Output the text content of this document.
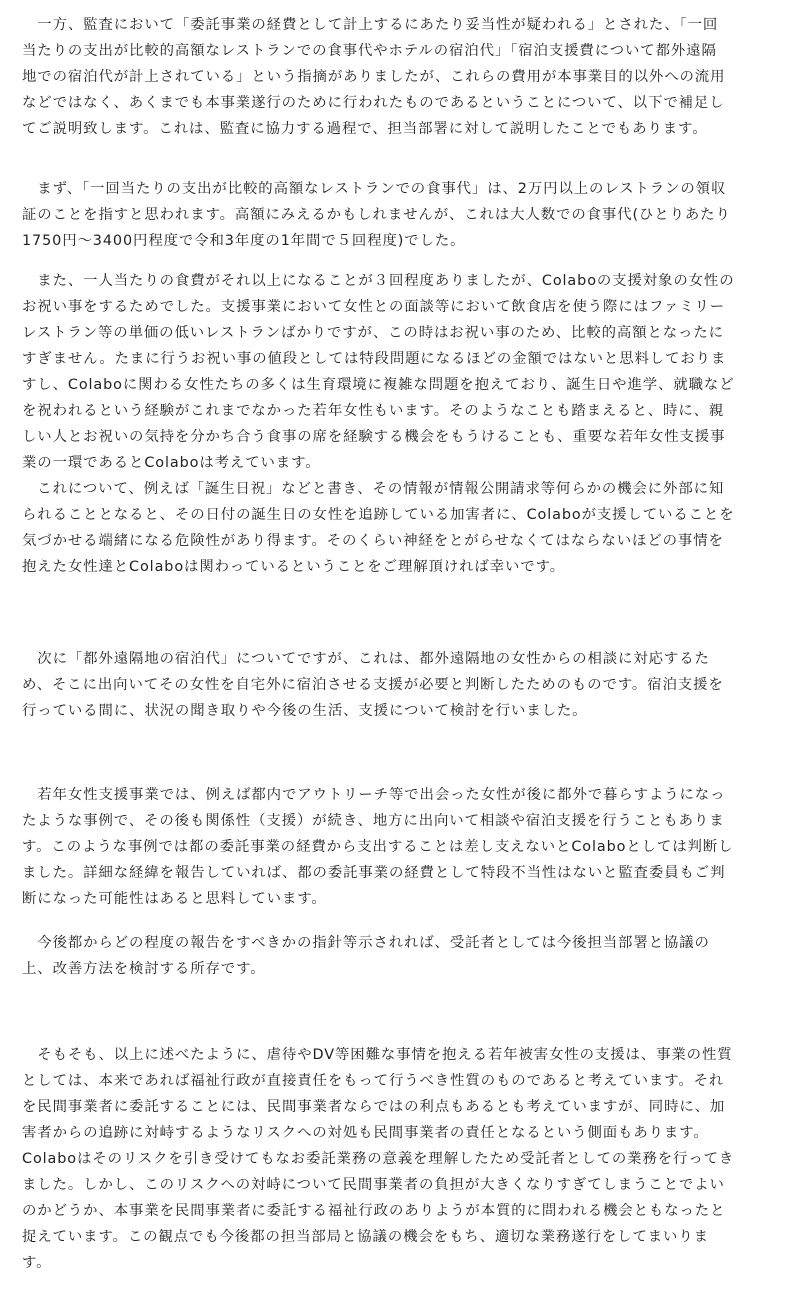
　一方、監査において「委託事業の経費として計上するにあたり妥当性が疑われる」とされた、「一回
当たりの支出が比較的高額なレストランでの食事代やホテルの宿泊代」「宿泊支援費について都外遠隔
地での宿泊代が計上されている」という指摘がありましたが、これらの費用が本事業目的以外への流用
などではなく、あくまでも本事業遂行のために行われたものであるということについて、以下で補足し
てご説明致します。これは、監査に協力する過程で、担当部署に対して説明したことでもあります。
　まず、「一回当たりの支出が比較的高額なレストランでの食事代」は、2万円以上のレストランの領収
証のことを指すと思われます。高額にみえるかもしれませんが、これは大人数での食事代(ひとりあたり
1750円～3400円程度で令和3年度の1年間で５回程度)でした。
　また、一人当たりの食費がそれ以上になることが３回程度ありましたが、Colaboの支援対象の女性の
お祝い事をするためでした。支援事業において女性との面談等において飲食店を使う際にはファミリー
レストラン等の単価の低いレストランばかりですが、この時はお祝い事のため、比較的高額となったに
すぎません。たまに行うお祝い事の値段としては特段問題になるほどの金額ではないと思料しておりま
すし、Colaboに関わる女性たちの多くは生育環境に複雑な問題を抱えており、誕生日や進学、就職など
を祝われるという経験がこれまでなかった若年女性もいます。そのようなことも踏まえると、時に、親
しい人とお祝いの気持を分かち合う食事の席を経験する機会をもうけることも、重要な若年女性支援事
業の一環であるとColaboは考えています。
　これについて、例えば「誕生日祝」などと書き、その情報が情報公開請求等何らかの機会に外部に知
られることとなると、その日付の誕生日の女性を追跡している加害者に、Colaboが支援していることを
気づかせる端緒になる危険性があり得ます。そのくらい神経をとがらせなくてはならないほどの事情を
抱えた女性達とColaboは関わっているということをご理解頂ければ幸いです。
　次に「都外遠隔地の宿泊代」についてですが、これは、都外遠隔地の女性からの相談に対応するた
め、そこに出向いてその女性を自宅外に宿泊させる支援が必要と判断したためのものです。宿泊支援を
行っている間に、状況の聞き取りや今後の生活、支援について検討を行いました。
　若年女性支援事業では、例えば都内でアウトリーチ等で出会った女性が後に都外で暮らすようになっ
たような事例で、その後も関係性（支援）が続き、地方に出向いて相談や宿泊支援を行うこともありま
す。このような事例では都の委託事業の経費から支出することは差し支えないとColaboとしては判断し
ました。詳細な経緯を報告していれば、都の委託事業の経費として特段不当性はないと監査委員もご判
断になった可能性はあると思料しています。
　今後都からどの程度の報告をすべきかの指針等示されれば、受託者としては今後担当部署と協議の
上、改善方法を検討する所存です。
　そもそも、以上に述べたように、虐待やDV等困難な事情を抱える若年被害女性の支援は、事業の性質
としては、本来であれば福祉行政が直接責任をもって行うべき性質のものであると考えています。それ
を民間事業者に委託することには、民間事業者ならではの利点もあるとも考えていますが、同時に、加
害者からの追跡に対峙するようなリスクへの対処も民間事業者の責任となるという側面もあります。
Colaboはそのリスクを引き受けてもなお委託業務の意義を理解したため受託者としての業務を行ってき
ました。しかし、このリスクへの対峙について民間事業者の負担が大きくなりすぎてしまうことでよい
のかどうか、本事業を民間事業者に委託する福祉行政のありようが本質的に問われる機会ともなったと
捉えています。この観点でも今後都の担当部局と協議の機会をもち、適切な業務遂行をしてまいりま
す。
